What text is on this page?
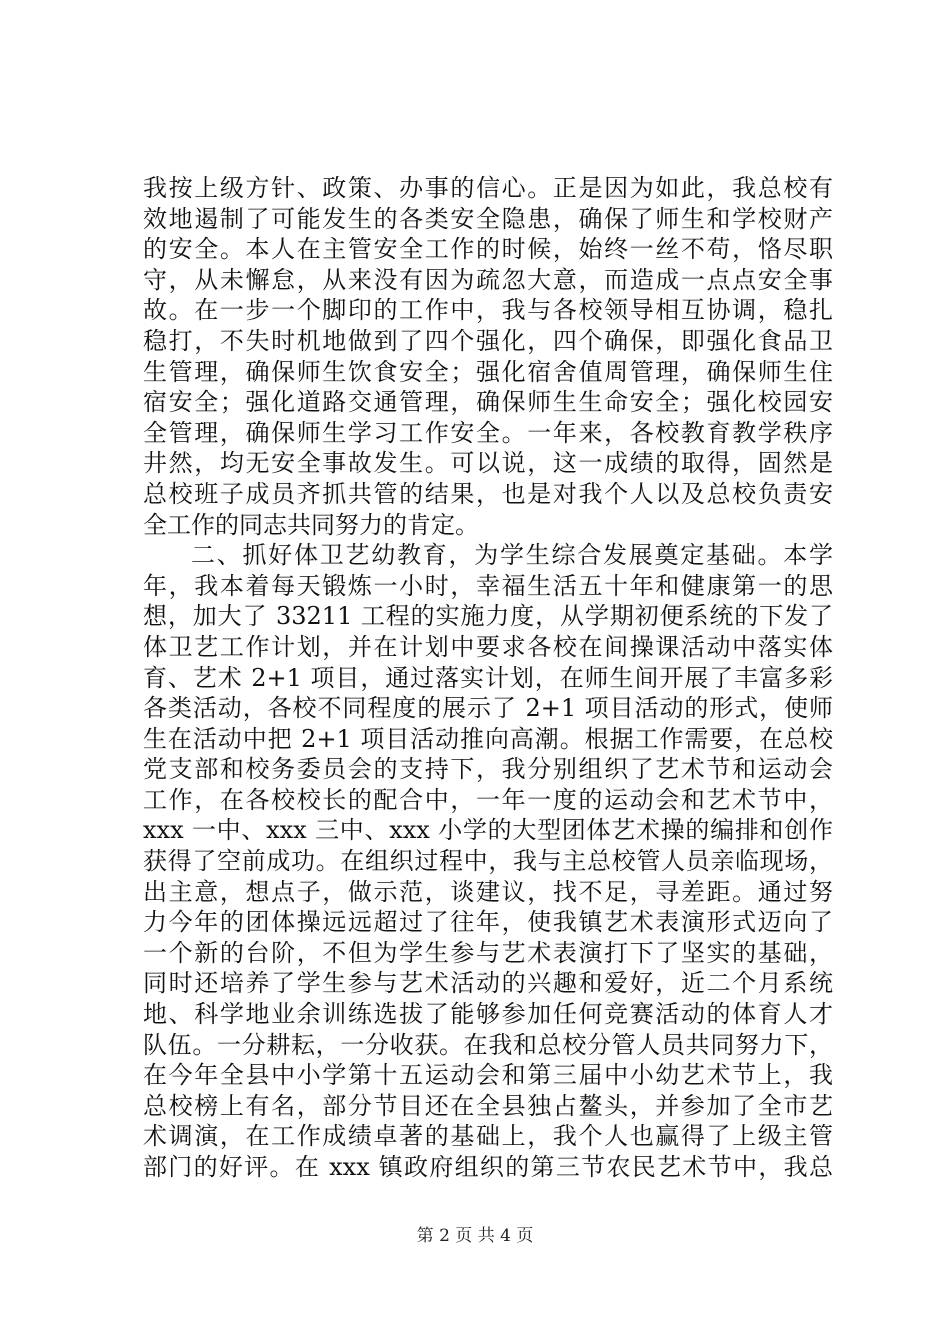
我按上级方针、政策、办事的信心。正是因为如此，我总校有
效地遏制了可能发生的各类安全隐患，确保了师生和学校财产
的安全。本人在主管安全工作的时候，始终一丝不苟，恪尽职
守，从未懈怠，从来没有因为疏忽大意，而造成一点点安全事
故。在一步一个脚印的工作中，我与各校领导相互协调，稳扎
稳打，不失时机地做到了四个强化，四个确保，即强化食品卫
生管理，确保师生饮食安全；强化宿舍值周管理，确保师生住
宿安全；强化道路交通管理，确保师生生命安全；强化校园安
全管理，确保师生学习工作安全。一年来，各校教育教学秩序
井然，均无安全事故发生。可以说，这一成绩的取得，固然是
总校班子成员齐抓共管的结果，也是对我个人以及总校负责安
全工作的同志共同努力的肯定。
二、抓好体卫艺幼教育，为学生综合发展奠定基础。本学
年，我本着每天锻炼一小时，幸福生活五十年和健康第一的思
想，加大了 33211 工程的实施力度，从学期初便系统的下发了
体卫艺工作计划，并在计划中要求各校在间操课活动中落实体
育、艺术 2+1 项目，通过落实计划，在师生间开展了丰富多彩
各类活动，各校不同程度的展示了 2+1 项目活动的形式，使师
生在活动中把 2+1 项目活动推向高潮。根据工作需要，在总校
党支部和校务委员会的支持下，我分别组织了艺术节和运动会
工作，在各校校长的配合中，一年一度的运动会和艺术节中，
xxx 一中、xxx 三中、xxx 小学的大型团体艺术操的编排和创作
获得了空前成功。在组织过程中，我与主总校管人员亲临现场，
出主意，想点子，做示范，谈建议，找不足，寻差距。通过努
力今年的团体操远远超过了往年，使我镇艺术表演形式迈向了
一个新的台阶，不但为学生参与艺术表演打下了坚实的基础，
同时还培养了学生参与艺术活动的兴趣和爱好，近二个月系统
地、科学地业余训练选拔了能够参加任何竞赛活动的体育人才
队伍。一分耕耘，一分收获。在我和总校分管人员共同努力下，
在今年全县中小学第十五运动会和第三届中小幼艺术节上，我
总校榜上有名，部分节目还在全县独占鳌头，并参加了全市艺
术调演，在工作成绩卓著的基础上，我个人也赢得了上级主管
部门的好评。在 xxx 镇政府组织的第三节农民艺术节中，我总
第 2 页 共 4 页
